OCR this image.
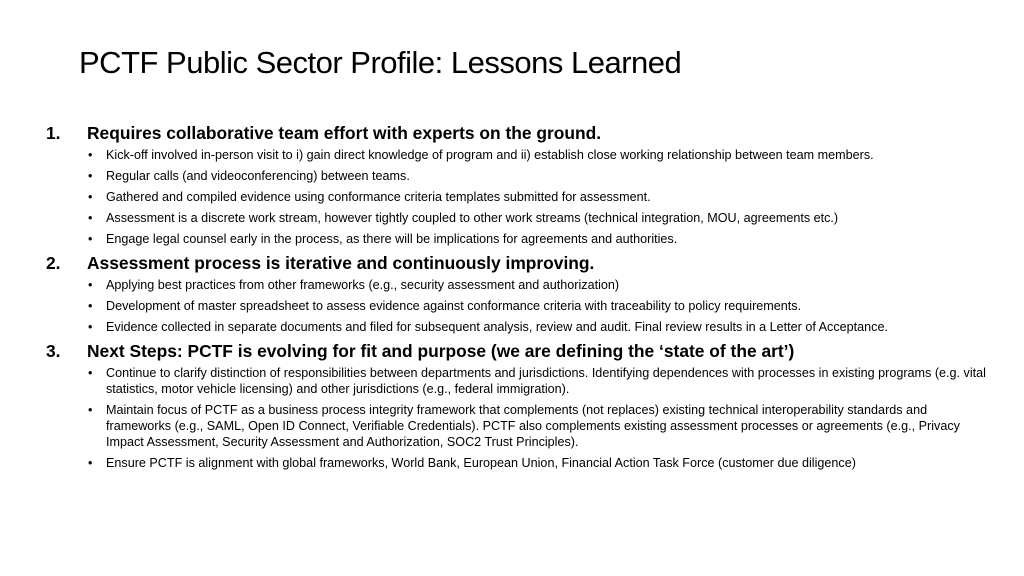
PCTF Public Sector Profile: Lessons Learned
1.	Requires collaborative team effort with experts on the ground.
• Kick-off involved in-person visit to i) gain direct knowledge of program and ii) establish close working relationship between team members.
• Regular calls (and videoconferencing) between teams.
• Gathered and compiled evidence using conformance criteria templates submitted for assessment.
• Assessment is a discrete work stream, however tightly coupled to other work streams (technical integration, MOU, agreements etc.)
• Engage legal counsel early in the process, as there will be implications for agreements and authorities.
2.	Assessment process is iterative and continuously improving.
• Applying best practices from other frameworks (e.g., security assessment and authorization)
• Development of master spreadsheet to assess evidence against conformance criteria with traceability to policy requirements.
• Evidence collected in separate documents and filed for subsequent analysis, review and audit. Final review results in a Letter of Acceptance.
3.	Next Steps: PCTF is evolving for fit and purpose (we are defining the ‘state of the art’)
• Continue to clarify distinction of responsibilities between departments and jurisdictions. Identifying dependences with processes in existing programs (e.g. vital statistics, motor vehicle licensing) and other jurisdictions (e.g., federal immigration).
• Maintain focus of PCTF as a business process integrity framework that complements (not replaces) existing technical interoperability standards and frameworks (e.g., SAML, Open ID Connect, Verifiable Credentials). PCTF also complements existing assessment processes or agreements (e.g., Privacy Impact Assessment, Security Assessment and Authorization, SOC2 Trust Principles).
• Ensure PCTF is alignment with global frameworks, World Bank, European Union, Financial Action Task Force (customer due diligence)
